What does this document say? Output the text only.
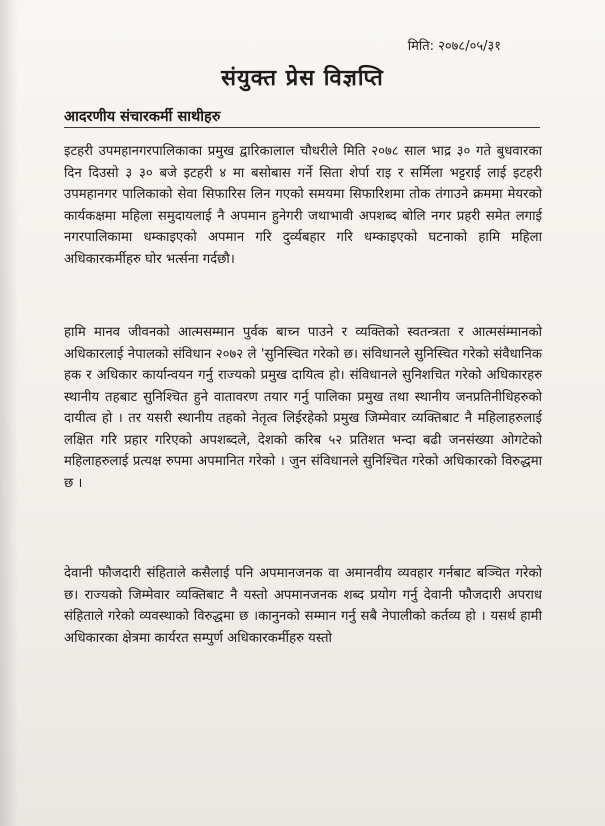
मिति: २०७८/०५/३१
संयुक्त प्रेस विज्ञप्ति
आदरणीय संचारकर्मी साथीहरु

इटहरी उपमहानगरपालिकाका प्रमुख द्वारिकालाल चौधरीले मिति २०७८ साल भाद्र ३० गते बुधवारका दिन दिउसो ३ ३० बजे इटहरी ४ मा बसोबास गर्ने सिता शेर्पा राइ र सर्मिला भट्टराई लाई इटहरी उपमहानगर पालिकाको सेवा सिफारिस लिन गएको समयमा सिफारिशमा तोक तंगाउने क्रममा मेयरको कार्यकक्षमा महिला समुदायलाई नै अपमान हुनेगरी जथाभावी अपशब्द बोलि नगर प्रहरी समेत लगाई नगरपालिकामा धम्काइएको अपमान गरि दुर्व्यबहार गरि धम्काइएको घटनाको हामि महिला अधिकारकर्मीहरु घोर भर्त्सना गर्दछौ।

हामि मानव जीवनको आत्मसम्मान पुर्वक बाच्न पाउने र व्यक्तिको स्वतन्त्रता र आत्मसंम्मानको अधिकारलाई नेपालको संविधान २०७२ ले 'सुनिस्चित गरेको छ। संविधानले सुनिस्चित गरेको संवैधानिक हक र अधिकार कार्यान्वयन गर्नु राज्यको प्रमुख दायित्व हो। संविधानले सुनिशचित गरेको अधिकारहरु स्थानीय तहबाट सुनिश्चित हुने वातावरण तयार गर्नु पालिका प्रमुख तथा स्थानीय जनप्रतिनीधिहरुको दायीत्व हो । तर यसरी स्थानीय तहको नेतृत्व लिईरहेको प्रमुख जिम्मेवार व्यक्तिबाट नै महिलाहरुलाई लक्षित गरि प्रहार गरिएको अपशब्दले, देशको करिब ५२ प्रतिशत भन्दा बढी जनसंख्या ओगटेको महिलाहरुलाई प्रत्यक्ष रुपमा अपमानित गरेको । जुन संविधानले सुनिश्चित गरेको अधिकारको विरुद्धमा छ ।

देवानी फौजदारी संहिताले कसैलाई पनि अपमानजनक वा अमानवीय व्यवहार गर्नबाट बञ्चित गरेको छ। राज्यको जिम्मेवार व्यक्तिबाट नै यस्तो अपमानजनक शब्द प्रयोग गर्नु देवानी फौजदारी अपराध संहिताले गरेको व्यवस्थाको विरुद्धमा छ ।कानुनको सम्मान गर्नु सबै नेपालीको कर्तव्य हो । यसर्थ हामी अधिकारका क्षेत्रमा कार्यरत सम्पुर्ण अधिकारकर्मीहरु यस्तो
